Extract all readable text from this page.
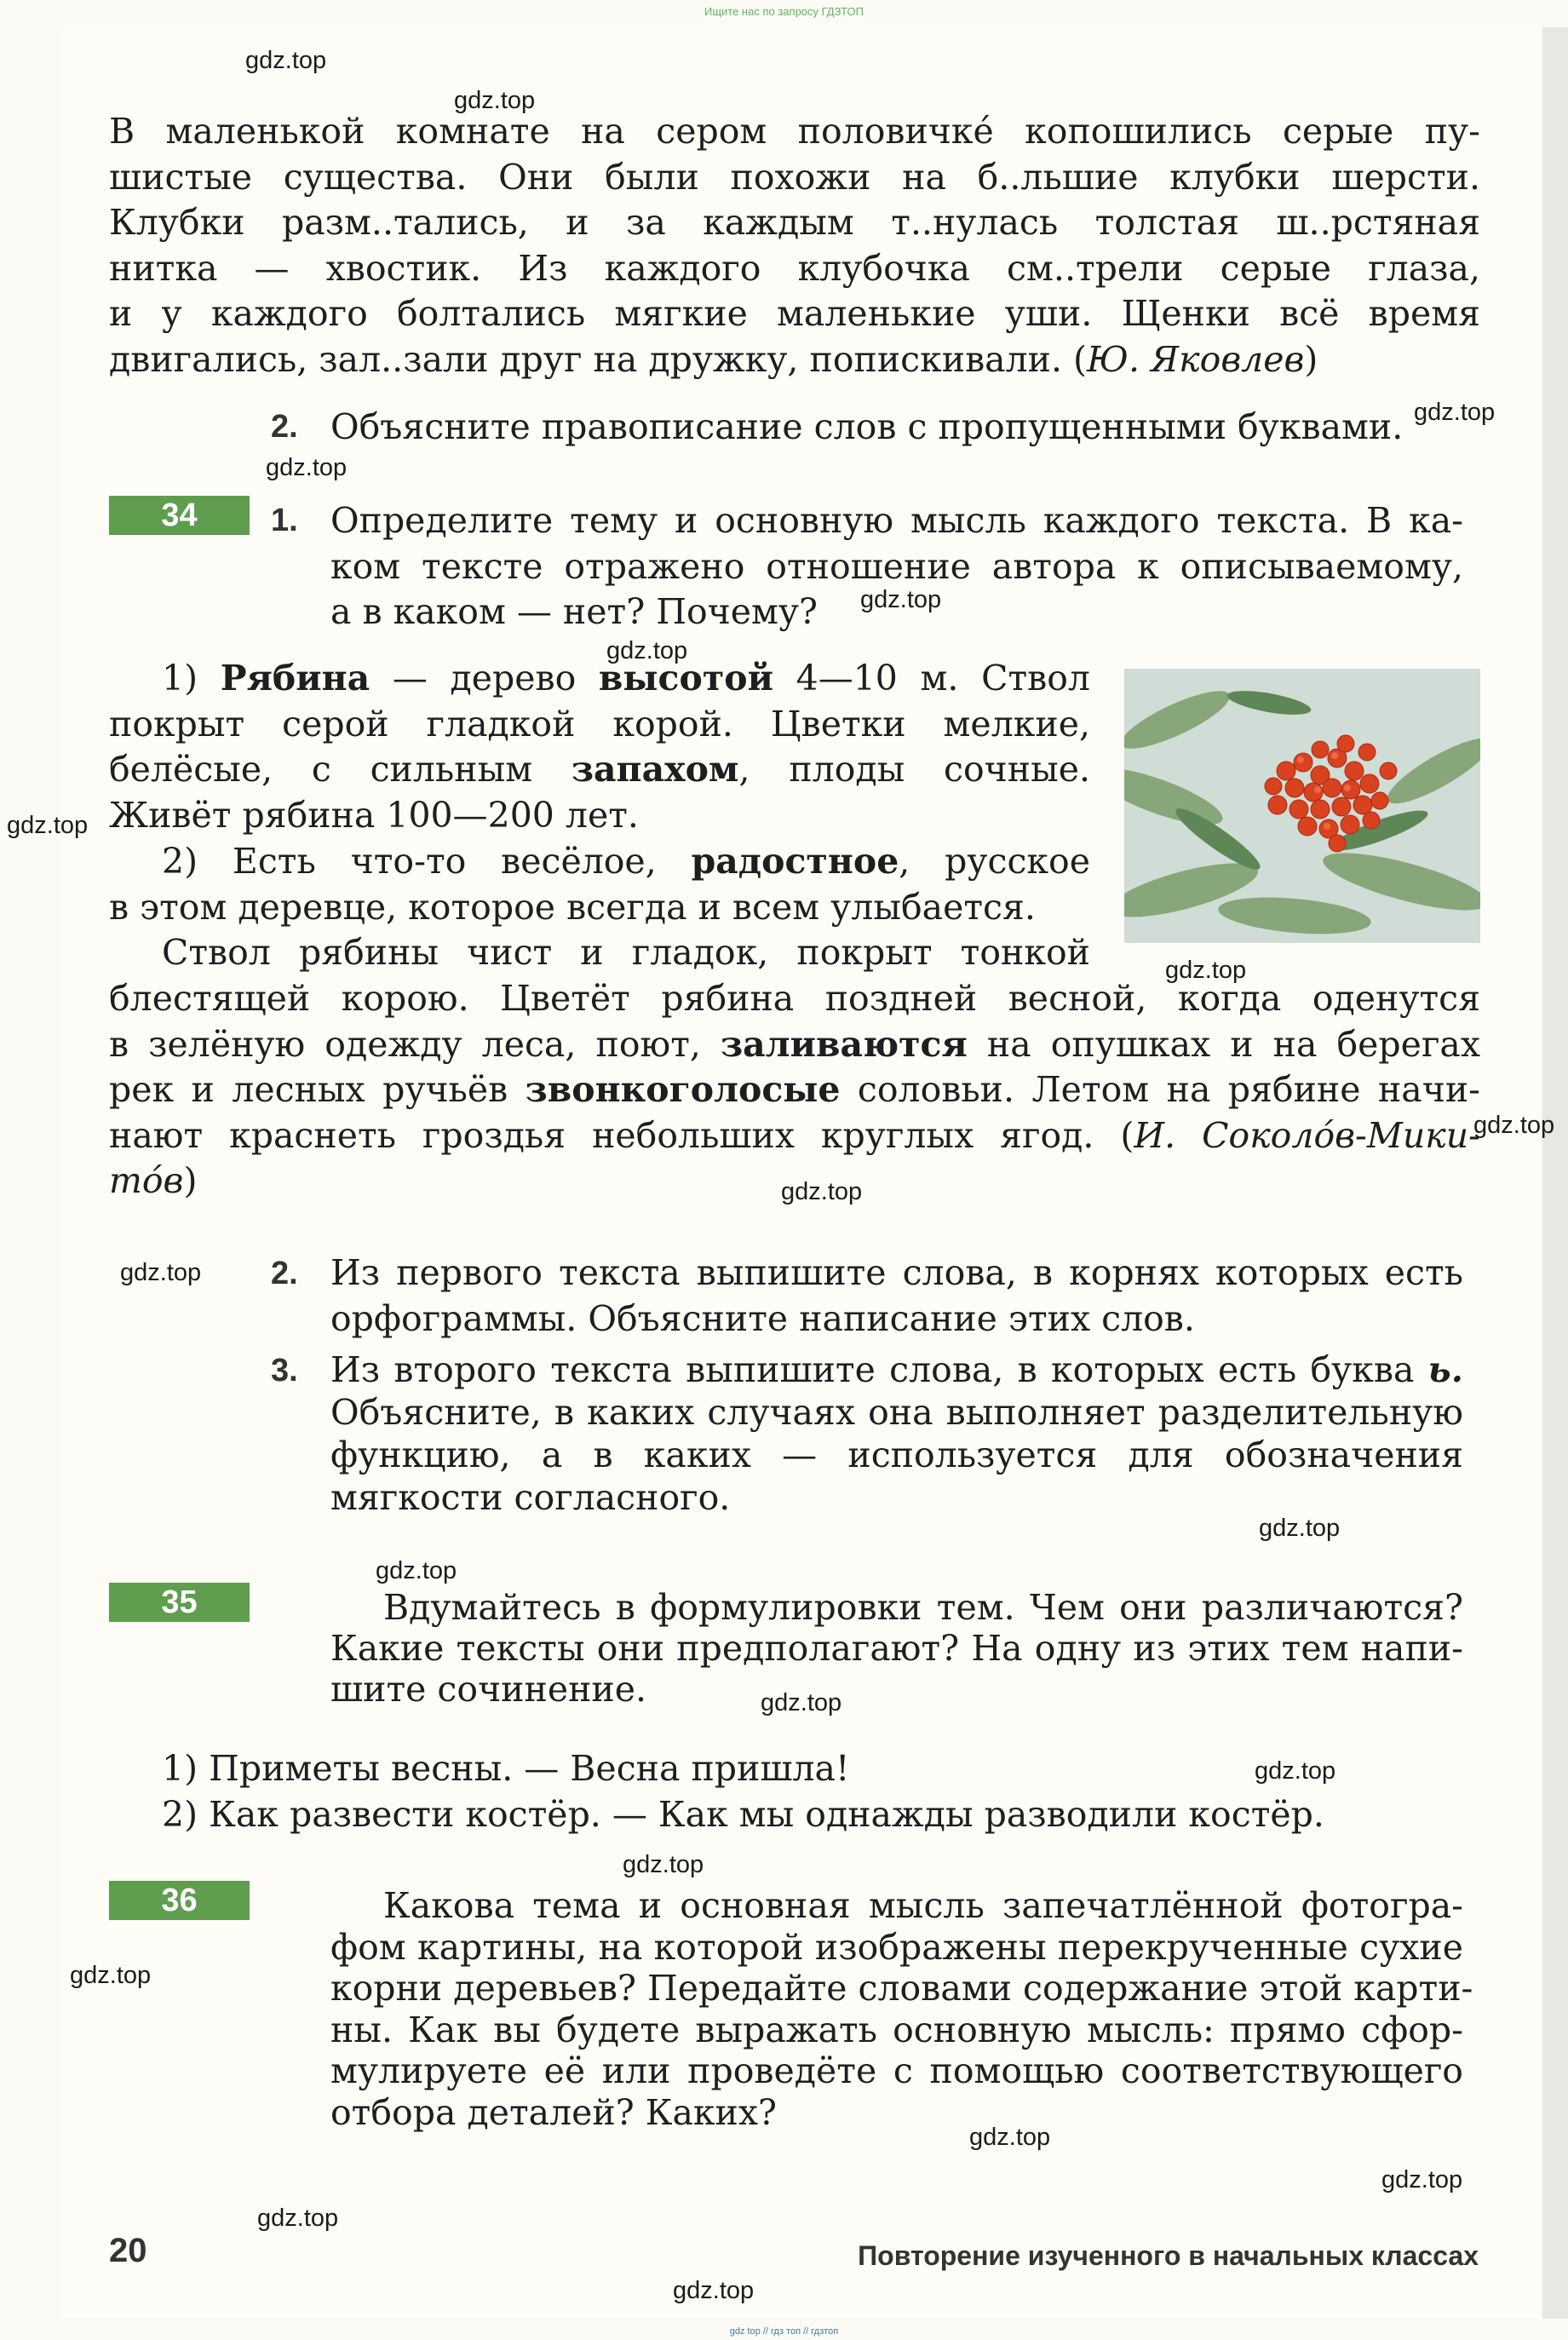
Ищите нас по запросу ГДЗТОП
В маленькой комнате на сером половичке́ копошились серые пу-
шистые существа. Они были похожи на б..льшие клубки шерсти.
Клубки разм..тались, и за каждым т..нулась толстая ш..рстяная
нитка — хвостик. Из каждого клубочка см..трели серые глаза,
и у каждого болтались мягкие маленькие уши. Щенки всё время
двигались, зал..зали друг на дружку, попискивали. (Ю. Яковлев)
2. Объясните правописание слов с пропущенными буквами.
34	1. Определите тему и основную мысль каждого текста. В ка-
ком тексте отражено отношение автора к описываемому,
а в каком — нет? Почему?
1) Рябина — дерево высотой 4—10 м. Ствол
покрыт серой гладкой корой. Цветки мелкие,
белёсые, с сильным запахом, плоды сочные.
Живёт рябина 100—200 лет.
2) Есть что-то весёлое, радостное, русское
в этом деревце, которое всегда и всем улыбается.
Ствол рябины чист и гладок, покрыт тонкой
блестящей корою. Цветёт рябина поздней весной, когда оденутся
в зелёную одежду леса, поют, заливаются на опушках и на берегах
рек и лесных ручьёв звонкоголосые соловьи. Летом на рябине начи-
нают краснеть гроздья небольших круглых ягод. (И. Соколо́в-Мики-
то́в)
2. Из первого текста выпишите слова, в корнях которых есть
орфограммы. Объясните написание этих слов.
3. Из второго текста выпишите слова, в которых есть буква ь.
Объясните, в каких случаях она выполняет разделительную
функцию, а в каких — используется для обозначения
мягкости согласного.
35	Вдумайтесь в формулировки тем. Чем они различаются?
Какие тексты они предполагают? На одну из этих тем напи-
шите сочинение.
1) Приметы весны. — Весна пришла!
2) Как развести костёр. — Как мы однажды разводили костёр.
36	Какова тема и основная мысль запечатлённой фотогра-
фом картины, на которой изображены перекрученные сухие
корни деревьев? Передайте словами содержание этой карти-
ны. Как вы будете выражать основную мысль: прямо сфор-
мулируете её или проведёте с помощью соответствующего
отбора деталей? Каких?
20	Повторение изученного в начальных классах
gdz.top
gdz.top
gdz.top
gdz.top
gdz.top
gdz.top
gdz.top
gdz.top
gdz.top
gdz.top
gdz.top
gdz.top
gdz.top
gdz.top
gdz.top
gdz.top
gdz.top
gdz.top
gdz.top
gdz.top
gdz.top
gdz top // гдз топ // гдзтоп
